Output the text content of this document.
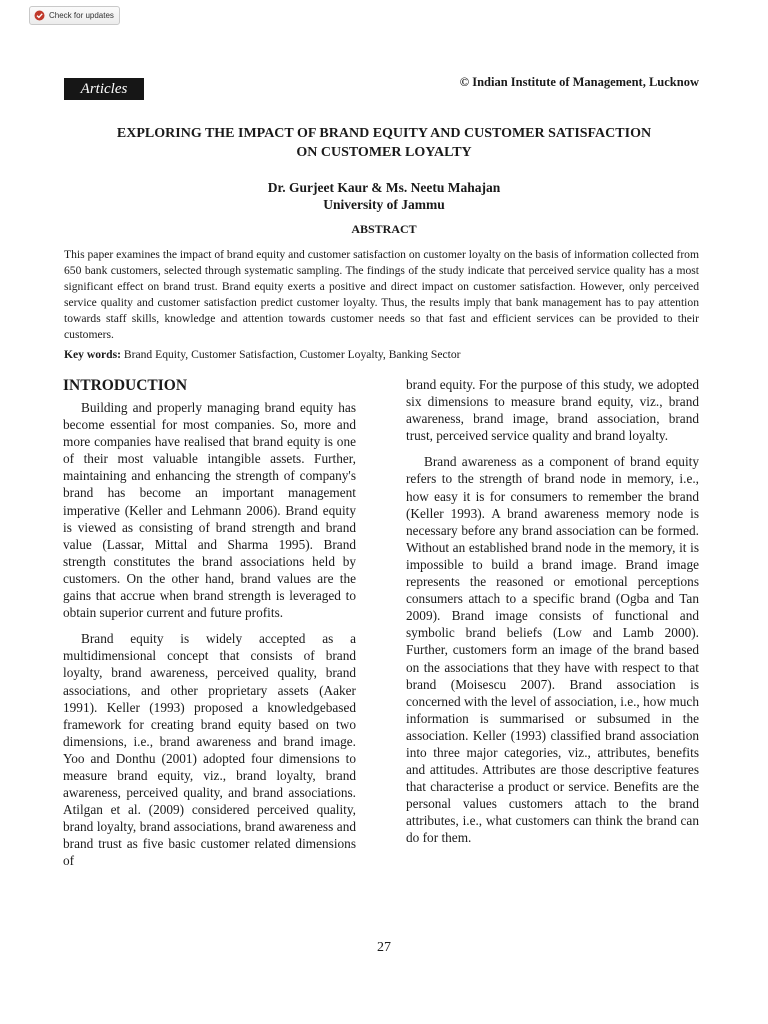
Check for updates
Articles	© Indian Institute of Management, Lucknow
EXPLORING THE IMPACT OF BRAND EQUITY AND CUSTOMER SATISFACTION
ON CUSTOMER LOYALTY
Dr. Gurjeet Kaur & Ms. Neetu Mahajan
University of Jammu
ABSTRACT

This paper examines the impact of brand equity and customer satisfaction on customer loyalty on the basis of information collected from 650 bank customers, selected through systematic sampling. The findings of the study indicate that perceived service quality has a most significant effect on brand trust. Brand equity exerts a positive and direct impact on customer satisfaction. However, only perceived service quality and customer satisfaction predict customer loyalty. Thus, the results imply that bank management has to pay attention towards staff skills, knowledge and attention towards customer needs so that fast and efficient services can be provided to their customers.

Key words: Brand Equity, Customer Satisfaction, Customer Loyalty, Banking Sector

INTRODUCTION

Building and properly managing brand equity has become essential for most companies. So, more and more companies have realised that brand equity is one of their most valuable intangible assets. Further, maintaining and enhancing the strength of company's brand has become an important management imperative (Keller and Lehmann 2006). Brand equity is viewed as consisting of brand strength and brand value (Lassar, Mittal and Sharma 1995). Brand strength constitutes the brand associations held by customers. On the other hand, brand values are the gains that accrue when brand strength is leveraged to obtain superior current and future profits.

Brand equity is widely accepted as a multidimensional concept that consists of brand loyalty, brand awareness, perceived quality, brand associations, and other proprietary assets (Aaker 1991). Keller (1993) proposed a knowledgebased framework for creating brand equity based on two dimensions, i.e., brand awareness and brand image. Yoo and Donthu (2001) adopted four dimensions to measure brand equity, viz., brand loyalty, brand awareness, perceived quality, and brand associations. Atilgan et al. (2009) considered perceived quality, brand loyalty, brand associations, brand awareness and brand trust as five basic customer related dimensions of

brand equity. For the purpose of this study, we adopted six dimensions to measure brand equity, viz., brand awareness, brand image, brand association, brand trust, perceived service quality and brand loyalty.

Brand awareness as a component of brand equity refers to the strength of brand node in memory, i.e., how easy it is for consumers to remember the brand (Keller 1993). A brand awareness memory node is necessary before any brand association can be formed. Without an established brand node in the memory, it is impossible to build a brand image. Brand image represents the reasoned or emotional perceptions consumers attach to a specific brand (Ogba and Tan 2009). Brand image consists of functional and symbolic brand beliefs (Low and Lamb 2000). Further, customers form an image of the brand based on the associations that they have with respect to that brand (Moisescu 2007). Brand association is concerned with the level of association, i.e., how much information is summarised or subsumed in the association. Keller (1993) classified brand association into three major categories, viz., attributes, benefits and attitudes. Attributes are those descriptive features that characterise a product or service. Benefits are the personal values customers attach to the brand attributes, i.e., what customers can think the brand can do for them.

27
